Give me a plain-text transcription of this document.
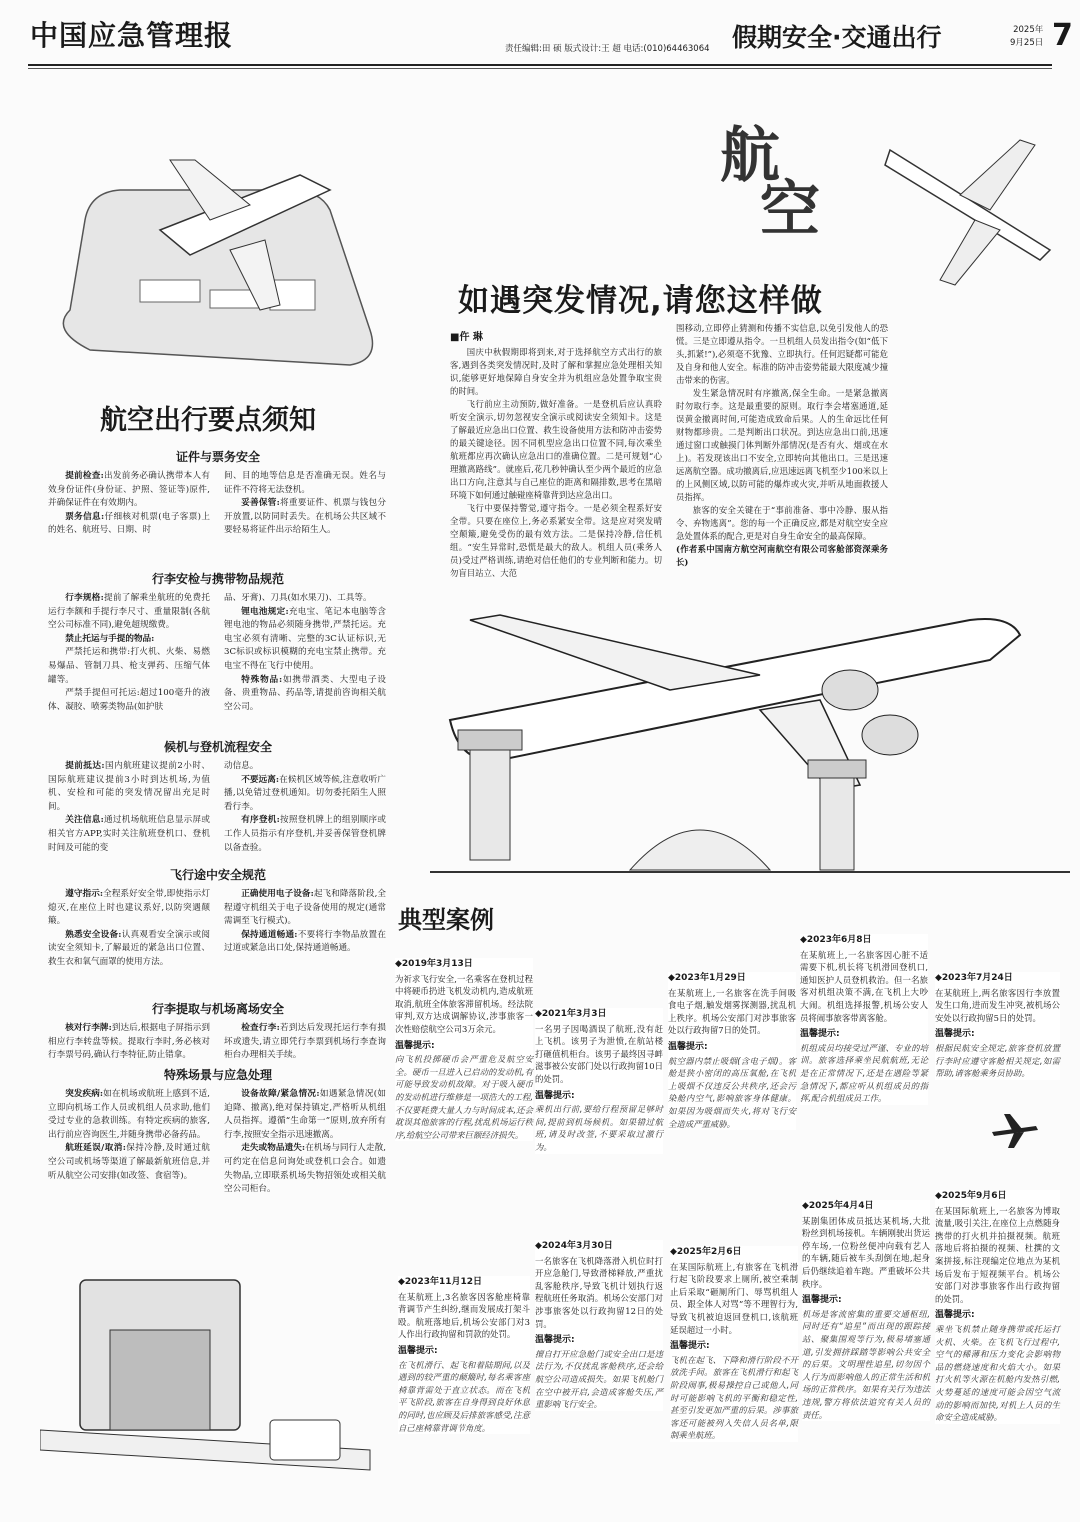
中国应急管理报	责任编辑:田 硕 版式设计:王 超 电话:(010)64463064 假期安全·交通出行	2025年
9月25日 7
航
空
航空出行要点须知
证件与票务安全

提前检查:出发前务必确认携带本人有效身份证件(身份证、护照、签证等)原件,并确保证件在有效期内。

票务信息:仔细核对机票(电子客票)上的姓名、航班号、日期、时

间、目的地等信息是否准确无误。姓名与证件不符将无法登机。

妥善保管:将重要证件、机票与钱包分开放置,以防同时丢失。在机场公共区域不要轻易将证件出示给陌生人。

行李安检与携带物品规范

行李规格:提前了解乘坐航班的免费托运行李额和手提行李尺寸、重量限制(各航空公司标准不同),避免超规缴费。

禁止托运与手提的物品:

严禁托运和携带:打火机、火柴、易燃易爆品、管制刀具、枪支弹药、压缩气体罐等。

严禁手提但可托运:超过100毫升的液体、凝胶、喷雾类物品(如护肤

品、牙膏)、刀具(如水果刀)、工具等。

锂电池规定:充电宝、笔记本电脑等含锂电池的物品必须随身携带,严禁托运。充电宝必须有清晰、完整的3C认证标识,无3C标识或标识模糊的充电宝禁止携带。充电宝不得在飞行中使用。

特殊物品:如携带酒类、大型电子设备、贵重物品、药品等,请提前咨询相关航空公司。

候机与登机流程安全

提前抵达:国内航班建议提前2小时、国际航班建议提前3小时到达机场,为值机、安检和可能的突发情况留出充足时间。

关注信息:通过机场航班信息显示屏或相关官方APP,实时关注航班登机口、登机时间及可能的变

动信息。

不要远离:在候机区域等候,注意收听广播,以免错过登机通知。切勿委托陌生人照看行李。

有序登机:按照登机牌上的组别顺序或工作人员指示有序登机,并妥善保管登机牌以备查验。

飞行途中安全规范

遵守指示:全程系好安全带,即使指示灯熄灭,在座位上时也建议系好,以防突遇颠簸。

熟悉安全设备:认真观看安全演示或阅读安全须知卡,了解最近的紧急出口位置、救生衣和氧气面罩的使用方法。

正确使用电子设备:起飞和降落阶段,全程遵守机组关于电子设备使用的规定(通常需调至飞行模式)。

保持通道畅通:不要将行李物品放置在过道或紧急出口处,保持通道畅通。

行李提取与机场离场安全

核对行李牌:到达后,根据电子屏指示到相应行李转盘等候。提取行李时,务必核对行李票号码,确认行李特征,防止错拿。

检查行李:若到达后发现托运行李有损坏或遗失,请立即凭行李票到机场行李查询柜台办理相关手续。

特殊场景与应急处理

突发疾病:如在机场或航班上感到不适,立即向机场工作人员或机组人员求助,他们受过专业的急救训练。有特定疾病的旅客,出行前应咨询医生,并随身携带必备药品。

航班延误/取消:保持冷静,及时通过航空公司或机场等渠道了解最新航班信息,并听从航空公司安排(如改签、食宿等)。

设备故障/紧急情况:如遇紧急情况(如迫降、撤离),绝对保持镇定,严格听从机组人员指挥。遵循“生命第一”原则,放弃所有行李,按照安全指示迅速撤离。

走失或物品遗失:在机场与同行人走散,可约定在信息问询处或登机口会合。如遗失物品,立即联系机场失物招领处或相关航空公司柜台。

如遇突发情况,请您这样做
■仵 琳

国庆中秋假期即将到来,对于选择航空方式出行的旅客,遇到各类突发情况时,及时了解和掌握应急处理相关知识,能够更好地保障自身安全并为机组应急处置争取宝贵的时间。

飞行前应主动预防,做好准备。一是登机后应认真聆听安全演示,切勿忽视安全演示或阅读安全须知卡。这是了解最近应急出口位置、救生设备使用方法和防冲击姿势的最关键途径。因不同机型应急出口位置不同,每次乘坐航班都应再次确认应急出口的准确位置。二是可规划“心理撤离路线”。就座后,花几秒钟确认至少两个最近的应急出口方向,注意其与自己座位的距离和隔排数,思考在黑暗环境下如何通过触碰座椅靠背到达应急出口。

飞行中要保持警觉,遵守指令。一是必须全程系好安全带。只要在座位上,务必系紧安全带。这是应对突发晴空颠簸,避免受伤的最有效方法。二是保持冷静,信任机组。“安生异常时,恐慌是最大的敌人。机组人员(乘务人员)受过严格训练,请绝对信任他们的专业判断和能力。切勿盲目站立、大范

围移动,立即停止猜测和传播不实信息,以免引发他人的恐慌。三是立即遵从指令。一旦机组人员发出指令(如“低下头,抓紧!”),必须毫不犹豫、立即执行。任何迟疑都可能危及自身和他人安全。标准的防冲击姿势能最大限度减少撞击带来的伤害。

发生紧急情况时有序撤离,保全生命。一是紧急撤离时勿取行李。这是最重要的原则。取行李会堵塞通道,延误黄金撤离时间,可能造成致命后果。人的生命远比任何财物都珍贵。二是判断出口状况。到达应急出口前,迅速通过窗口或触摸门体判断外部情况(是否有火、烟或在水上)。若发现该出口不安全,立即转向其他出口。三是迅速远离航空器。成功撤离后,应迅速远离飞机至少100米以上的上风侧区域,以防可能的爆炸或火灾,并听从地面救援人员指挥。

旅客的安全关键在于“事前准备、事中冷静、服从指令、弃物逃离”。您的每一个正确反应,都是对航空安全应急处置体系的配合,更是对自身生命安全的最高保障。

(作者系中国南方航空河南航空有限公司客舱部资深乘务长)

典型案例
◆2019年3月13日
为祈求飞行安全,一名乘客在登机过程中将硬币扔进飞机发动机内,造成航班取消,航班全体旅客滞留机场。经法院审判,双方达成调解协议,涉事旅客一次性赔偿航空公司3万余元。
温馨提示:
向飞机投掷硬币会严重危及航空安全。硬币一旦进入已启动的发动机,有可能导致发动机故障。对于吸入硬币的发动机进行维修是一项浩大的工程,不仅要耗费大量人力与时间成本,还会耽误其他旅客的行程,扰乱机场运行秩序,给航空公司带来巨额经济损失。
◆2021年3月3日
一名男子因喝酒误了航班,没有赶上飞机。该男子为泄愤,在航站楼打砸值机柜台。该男子最终因寻衅滋事被公安部门处以行政拘留10日的处罚。
温馨提示:
乘机出行前,要给行程预留足够时间,提前到机场候机。如果错过航班,请及时改签,不要采取过激行为。
◆2023年1月29日
在某航班上,一名旅客在洗手间吸食电子烟,触发烟雾探测器,扰乱机上秩序。机场公安部门对涉事旅客处以行政拘留7日的处罚。
温馨提示:
航空器内禁止吸烟(含电子烟)。客舱是狭小密闭的高压氧舱,在飞机上吸烟不仅违反公共秩序,还会污染舱内空气,影响旅客身体健康。如果因为吸烟而失火,将对飞行安全造成严重威胁。
◆2023年6月8日
在某航班上,一名旅客因心脏不适需要下机,机长将飞机滑回登机口,通知医护人员登机救治。但一名旅客对机组决策不满,在飞机上大吵大闹。机组选择报警,机场公安人员将闹事旅客带离客舱。
温馨提示:
机组成员均接受过严谨、专业的培训。旅客选择乘坐民航航班,无论是在正常情况下,还是在遇险等紧急情况下,都应听从机组成员的指挥,配合机组成员工作。
◆2023年7月24日
在某航班上,两名旅客因行李放置发生口角,进而发生冲突,被机场公安处以行政拘留5日的处罚。
温馨提示:
根据民航安全规定,旅客登机放置行李时应遵守客舱相关规定,如需帮助,请客舱乘务员协助。
◆2023年11月12日
在某航班上,3名旅客因客舱座椅靠背调节产生纠纷,继而发展成打架斗殴。航班落地后,机场公安部门对3人作出行政拘留和罚款的处罚。
温馨提示:
在飞机滑行、起飞和着陆期间,以及遇到的较严重的颠簸时,每名乘客座椅靠背需处于直立状态。而在飞机平飞阶段,旅客在自身得到良好休息的同时,也应顾及后排旅客感受,注意自己座椅靠背调节角度。
◆2024年3月30日
一名旅客在飞机降落滑入机位时打开应急舱门,导致滑梯释放,严重扰乱客舱秩序,导致飞机计划执行返程航班任务取消。机场公安部门对涉事旅客处以行政拘留12日的处罚。
温馨提示:
擅自打开应急舱门或安全出口是违法行为,不仅扰乱客舱秩序,还会给航空公司造成损失。如果飞机舱门在空中被开启,会造成客舱失压,严重影响飞行安全。
◆2025年2月6日
在某国际航班上,有旅客在飞机滑行起飞阶段要求上厕所,被空乘制止后采取“砸厕所门、辱骂机组人员、跟全体人对骂”等不理智行为,导致飞机被迫返回登机口,该航班延误超过一小时。
温馨提示:
飞机在起飞、下降和滑行阶段不开放洗手间。旅客在飞机滑行和起飞阶段闹事,极易操控自己或他人,同时可能影响飞机的平衡和稳定性,甚至引发更加严重的后果。涉事旅客还可能被列入失信人员名单,限制乘坐航班。
◆2025年4月4日
某剧集团体成员抵达某机场,大批粉丝到机场接机。车辆刚驶出货运停车场,一位粉丝便冲向载有艺人的车辆,随后被车头刮倒在地,起身后仍继续追着车跑。严重破坏公共秩序。
温馨提示:
机场是客流密集的重要交通枢纽,同时还有“追星”而出现的跟踪接站、聚集围观等行为,极易堵塞通道,引发拥挤踩踏等影响公共安全的后果。文明理性追星,切勿因个人行为而影响他人的正常生活和机场的正常秩序。如果有关行为违法违规,警方将依法追究有关人员的责任。
◆2025年9月6日
在某国际航班上,一名旅客为博取流量,吸引关注,在座位上点燃随身携带的打火机并拍摄视频。航班落地后将拍摄的视频、杜撰的文案拼接,标注现编定位地点为某机场后发布于短视频平台。机场公安部门对涉事旅客作出行政拘留的处罚。
温馨提示:
乘坐飞机禁止随身携带或托运打火机、火柴。在飞机飞行过程中,空气的稀薄和压力变化会影响物品的燃烧速度和火焰大小。如果打火机等火源在机舱内发热引燃,火势蔓延的速度可能会因空气流动的影响而加快,对机上人员的生命安全造成威胁。
